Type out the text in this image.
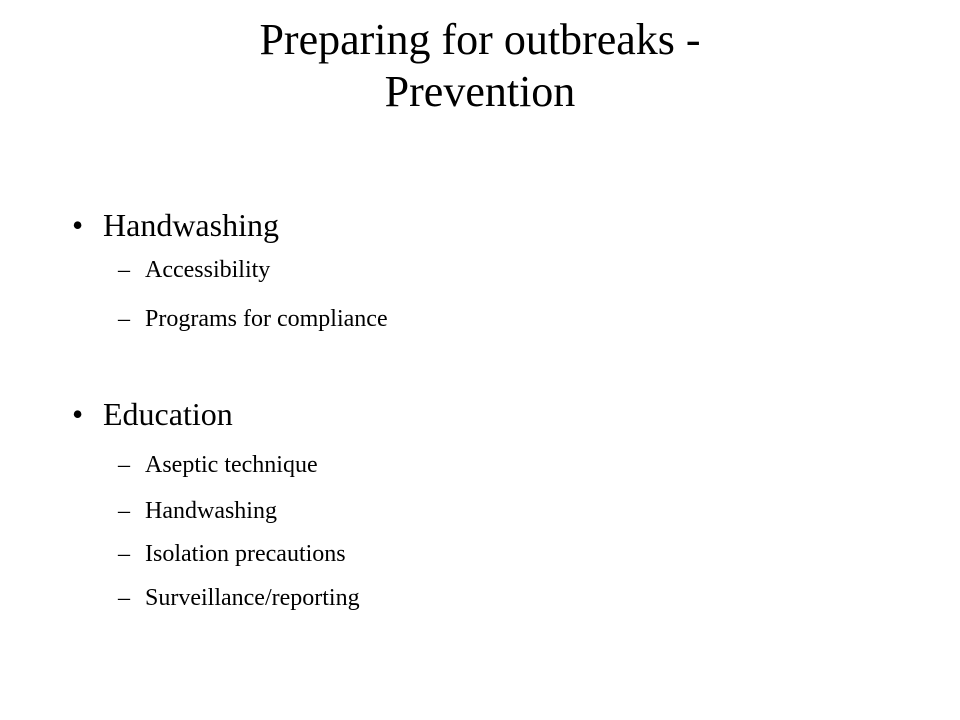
Preparing for outbreaks -
Prevention
• Handwashing
– Accessibility
– Programs for compliance
• Education
– Aseptic technique
– Handwashing
– Isolation precautions
– Surveillance/reporting
